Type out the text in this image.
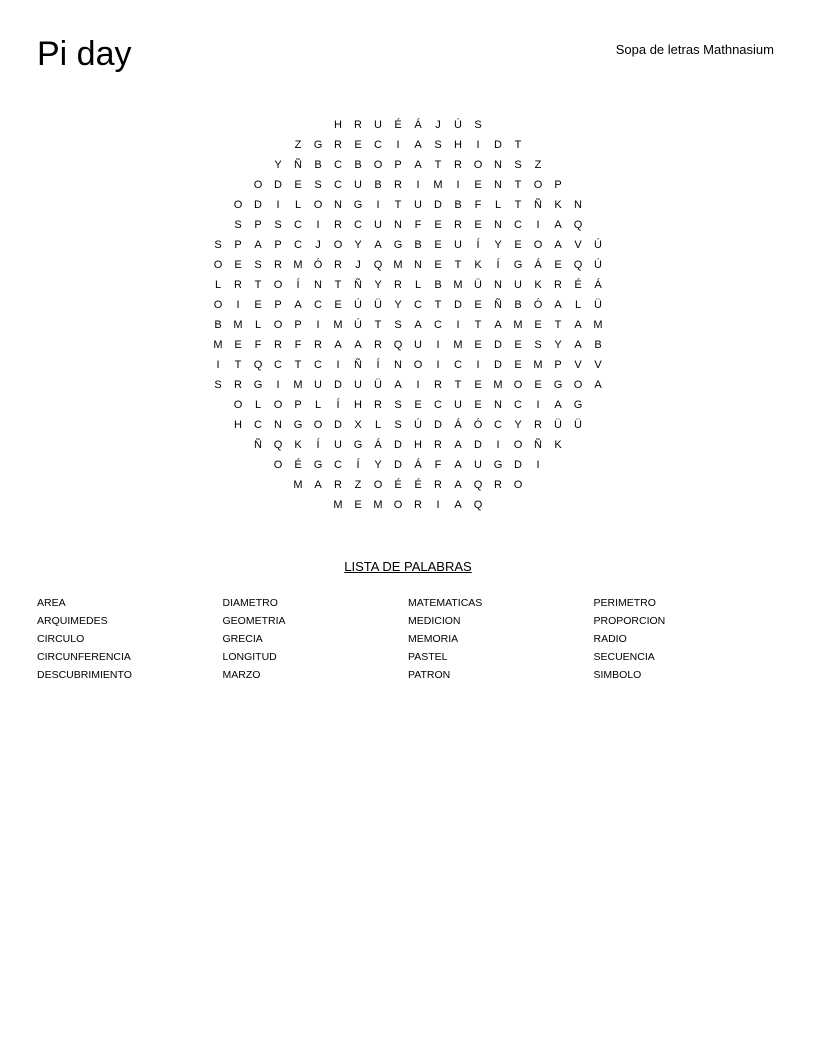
Pi day	Sopa de letras Mathnasium
H	R	U	É	Á	J	Ú	S
Z	G	R	E	C	I	A	S	H	I	D	T
Y	Ñ	B	C	B	O	P	A	T	R	O	N	S	Z
O	D	E	S	C	U	B	R	I	M	I	E	N	T	O	P
O	D	I	L	O	N	G	I	T	U	D	B	F	L	T	Ñ	K	N
S	P	S	C	I	R	C	U	N	F	E	R	E	N	C	I	A	Q
S	P	A	P	C	J	O	Y	A	G	B	E	U	Í	Y	E	O	A	V	Ú
O	E	S	R	M	Ó	R	J	Q	M	N	E	T	K	Í	G	Á	E	Q	Ú
L	R	T	O	Í	N	T	Ñ	Y	R	L	B	M	Ü	N	U	K	R	É	Á
O	I	E	P	A	C	E	Ú	Ü	Y	C	T	D	E	Ñ	B	Ó	A	L	Ü
B	M	L	O	P	I	M	Ú	T	S	A	C	I	T	A	M	E	T	A	M
M	E	F	R	F	R	A	A	R	Q	U	I	M	E	D	E	S	Y	A	B
I	T	Q	C	T	C	I	Ñ	Í	N	O	I	C	I	D	E	M	P	V	V
S	R	G	I	M	U	D	U	Ü	A	I	R	T	E	M	O	E	G	O	A
O	L	O	P	L	Í	H	R	S	E	C	U	E	N	C	I	A	G
H	C	N	G	O	D	X	L	S	Ú	D	Á	Ó	C	Y	R	Ü	Ü
Ñ	Q	K	Í	U	G	Á	D	H	R	A	D	I	O	Ñ	K
O	É	G	C	Í	Y	D	Á	F	A	U	G	D	I
M	A	R	Z	O	É	É	R	A	Q	R	O
M	E	M	O	R	I	A	Q
LISTA DE PALABRAS
AREA
ARQUIMEDES
CIRCULO
CIRCUNFERENCIA
DESCUBRIMIENTO
DIAMETRO
GEOMETRIA
GRECIA
LONGITUD
MARZO
MATEMATICAS
MEDICION
MEMORIA
PASTEL
PATRON
PERIMETRO
PROPORCION
RADIO
SECUENCIA
SIMBOLO
